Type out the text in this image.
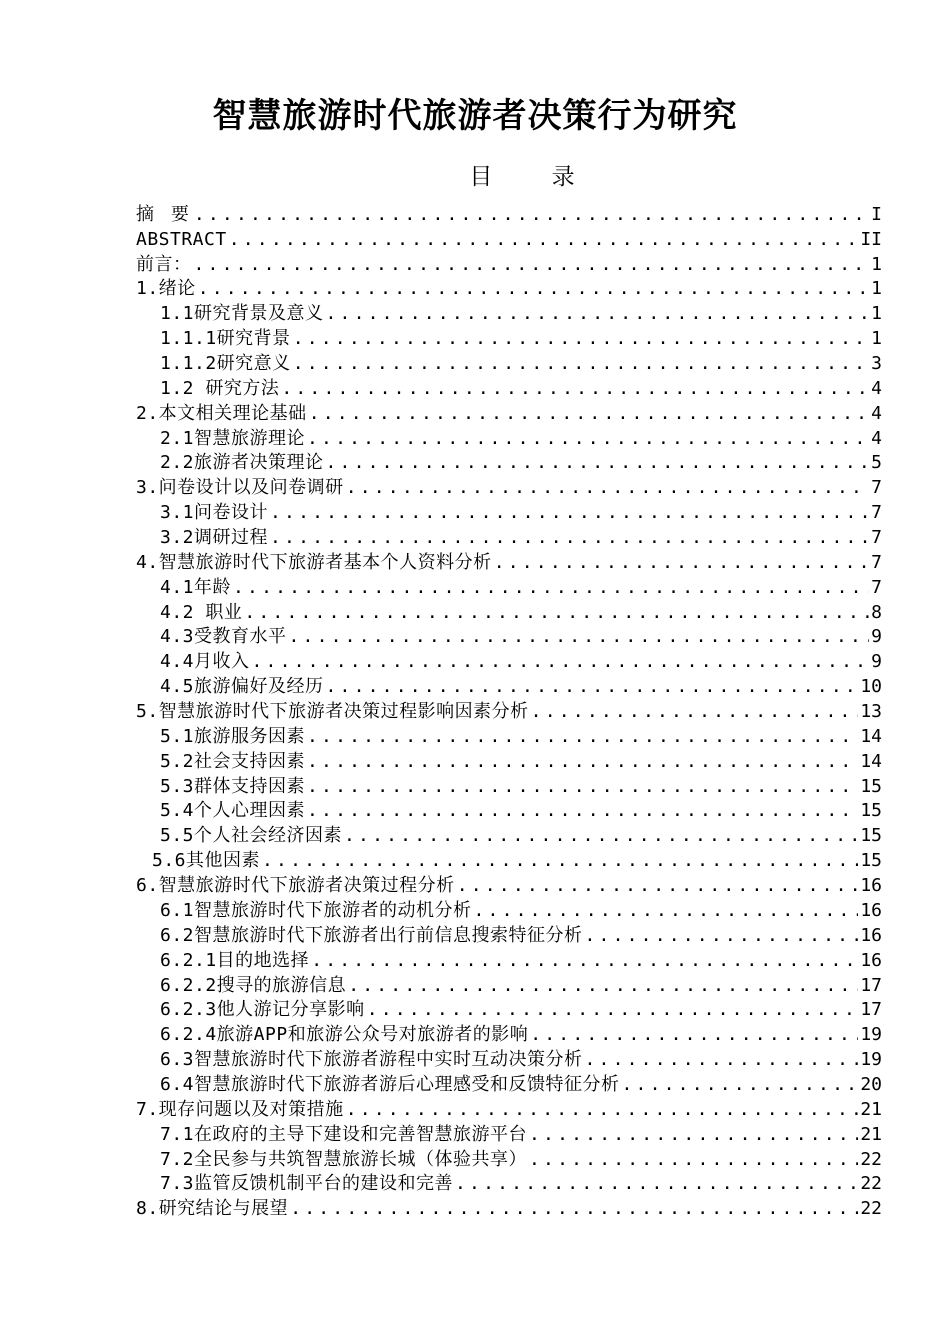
智慧旅游时代旅游者决策行为研究
目 录
摘 要 .....	I
ABSTRACT .....	II
前言： .....	1
1.绪论 .....	1
1.1研究背景及意义 .....	1
1.1.1研究背景 .....	1
1.1.2研究意义 .....	3
1.2 研究方法 .....	4
2.本文相关理论基础 .....	4
2.1智慧旅游理论 .....	4
2.2旅游者决策理论 .....	5
3.问卷设计以及问卷调研 .....	7
3.1问卷设计 .....	7
3.2调研过程 .....	7
4.智慧旅游时代下旅游者基本个人资料分析 .....	7
4.1年龄 .....	7
4.2 职业 .....	8
4.3受教育水平 .....	9
4.4月收入 .....	9
4.5旅游偏好及经历 .....	10
5.智慧旅游时代下旅游者决策过程影响因素分析 .....	13
5.1旅游服务因素 .....	14
5.2社会支持因素 .....	14
5.3群体支持因素 .....	15
5.4个人心理因素 .....	15
5.5个人社会经济因素 .....	15
5.6其他因素 .....	15
6.智慧旅游时代下旅游者决策过程分析 .....	16
6.1智慧旅游时代下旅游者的动机分析 .....	16
6.2智慧旅游时代下旅游者出行前信息搜索特征分析 .....	16
6.2.1目的地选择 .....	16
6.2.2搜寻的旅游信息 .....	17
6.2.3他人游记分享影响 .....	17
6.2.4旅游APP和旅游公众号对旅游者的影响 .....	19
6.3智慧旅游时代下旅游者游程中实时互动决策分析 .....	19
6.4智慧旅游时代下旅游者游后心理感受和反馈特征分析 .....	20
7.现存问题以及对策措施 .....	21
7.1在政府的主导下建设和完善智慧旅游平台 .....	21
7.2全民参与共筑智慧旅游长城（体验共享） .....	22
7.3监管反馈机制平台的建设和完善 .....	22
8.研究结论与展望 .....	22
